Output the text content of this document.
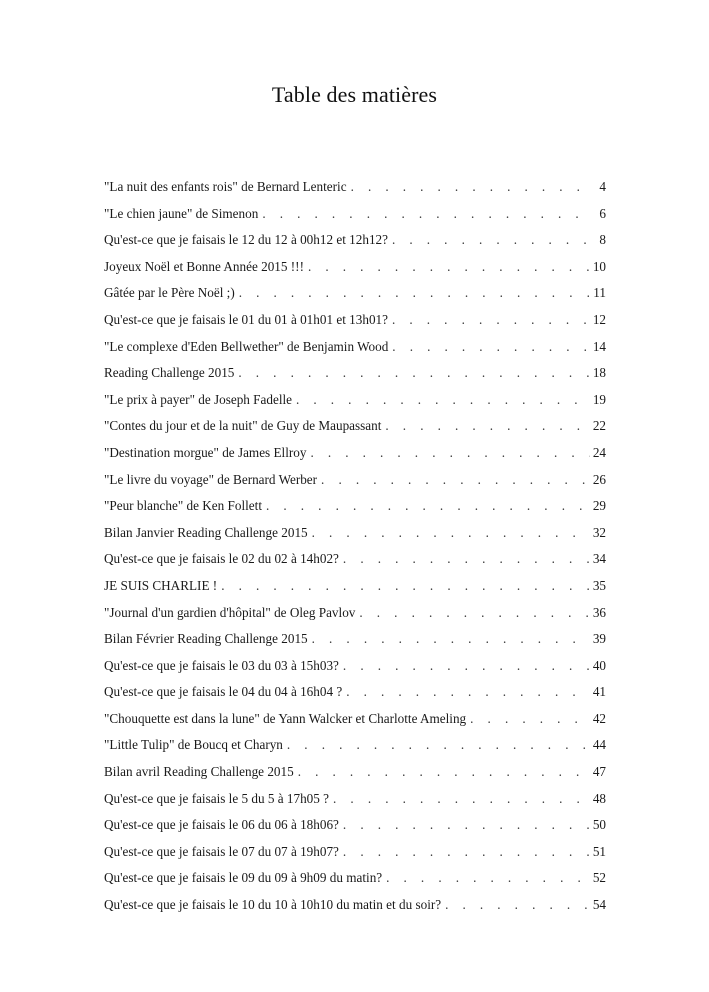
Table des matières
"La nuit des enfants rois" de Bernard Lenteric . . .	4
"Le chien jaune" de Simenon . . .	6
Qu'est-ce que je faisais le 12 du 12 à 00h12 et 12h12? . . .	8
Joyeux Noël et Bonne Année 2015 !!! . . .	10
Gâtée par le Père Noël ;) . . .	11
Qu'est-ce que je faisais le 01 du 01 à 01h01 et 13h01? . . .	12
"Le complexe d'Eden Bellwether" de Benjamin Wood . . .	14
Reading Challenge 2015 . . .	18
"Le prix à payer" de Joseph Fadelle . . .	19
"Contes du jour et de la nuit" de Guy de Maupassant . . .	22
"Destination morgue" de James Ellroy . . .	24
"Le livre du voyage" de Bernard Werber . . .	26
"Peur blanche" de Ken Follett . . .	29
Bilan Janvier Reading Challenge 2015 . . .	32
Qu'est-ce que je faisais le 02 du 02 à 14h02? . . .	34
JE SUIS CHARLIE ! . . .	35
"Journal d'un gardien d'hôpital" de Oleg Pavlov . . .	36
Bilan Février Reading Challenge 2015 . . .	39
Qu'est-ce que je faisais le 03 du 03 à 15h03? . . .	40
Qu'est-ce que je faisais le 04 du 04 à 16h04 ? . . .	41
"Chouquette est dans la lune" de Yann Walcker et Charlotte Ameling . . .	42
"Little Tulip" de Boucq et Charyn . . .	44
Bilan avril Reading Challenge 2015 . . .	47
Qu'est-ce que je faisais le 5 du 5 à 17h05 ? . . .	48
Qu'est-ce que je faisais le 06 du 06 à 18h06? . . .	50
Qu'est-ce que je faisais le 07 du 07 à 19h07? . . .	51
Qu'est-ce que je faisais le 09 du 09 à 9h09 du matin? . . .	52
Qu'est-ce que je faisais le 10 du 10 à 10h10 du matin et du soir? . . .	54
